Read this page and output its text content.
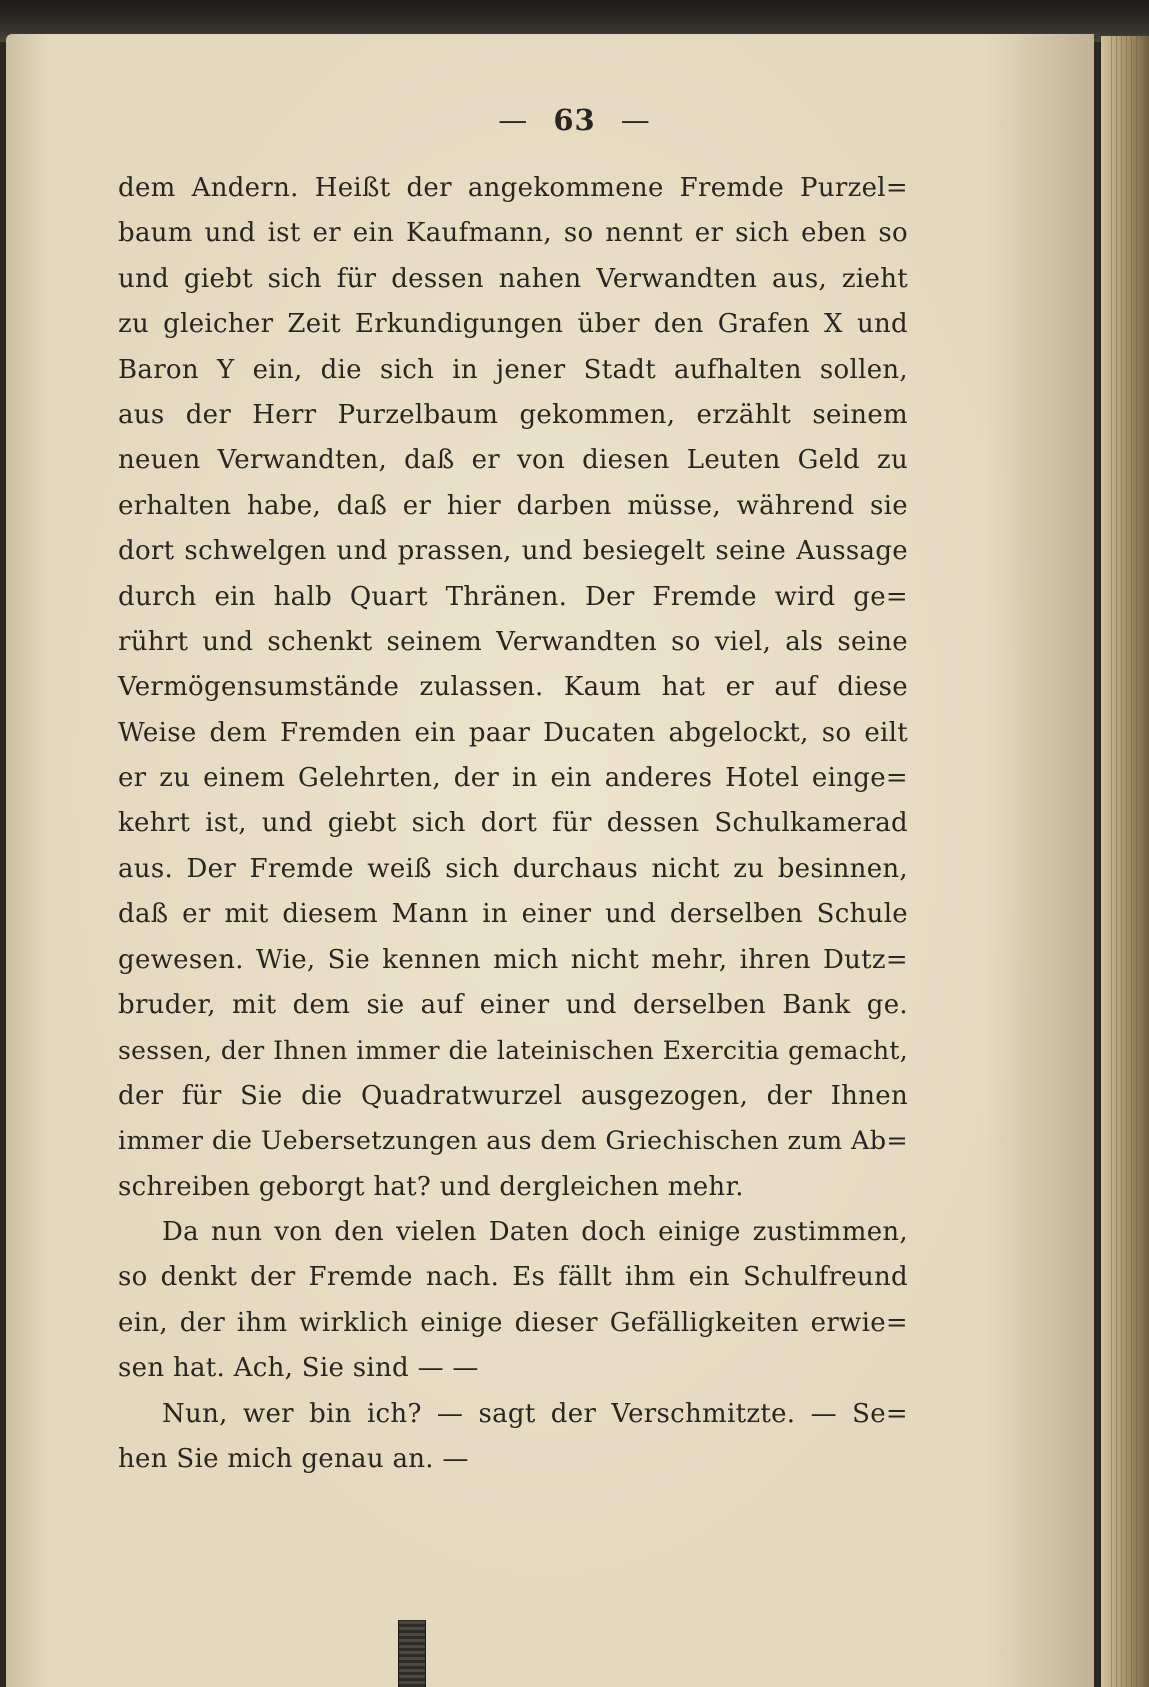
— 63 —
dem Andern. Heißt der angekommene Fremde Purzel=
baum und ist er ein Kaufmann, so nennt er sich eben so
und giebt sich für dessen nahen Verwandten aus, zieht
zu gleicher Zeit Erkundigungen über den Grafen X und
Baron Y ein, die sich in jener Stadt aufhalten sollen,
aus der Herr Purzelbaum gekommen, erzählt seinem
neuen Verwandten, daß er von diesen Leuten Geld zu
erhalten habe, daß er hier darben müsse, während sie
dort schwelgen und prassen, und besiegelt seine Aussage
durch ein halb Quart Thränen. Der Fremde wird ge=
rührt und schenkt seinem Verwandten so viel, als seine
Vermögensumstände zulassen. Kaum hat er auf diese
Weise dem Fremden ein paar Ducaten abgelockt, so eilt
er zu einem Gelehrten, der in ein anderes Hotel einge=
kehrt ist, und giebt sich dort für dessen Schulkamerad
aus. Der Fremde weiß sich durchaus nicht zu besinnen,
daß er mit diesem Mann in einer und derselben Schule
gewesen. Wie, Sie kennen mich nicht mehr, ihren Dutz=
bruder, mit dem sie auf einer und derselben Bank ge.
sessen, der Ihnen immer die lateinischen Exercitia gemacht,
der für Sie die Quadratwurzel ausgezogen, der Ihnen
immer die Uebersetzungen aus dem Griechischen zum Ab=
schreiben geborgt hat? und dergleichen mehr.
Da nun von den vielen Daten doch einige zustimmen,
so denkt der Fremde nach. Es fällt ihm ein Schulfreund
ein, der ihm wirklich einige dieser Gefälligkeiten erwie=
sen hat. Ach, Sie sind — —
Nun, wer bin ich? — sagt der Verschmitzte. — Se=
hen Sie mich genau an. —
